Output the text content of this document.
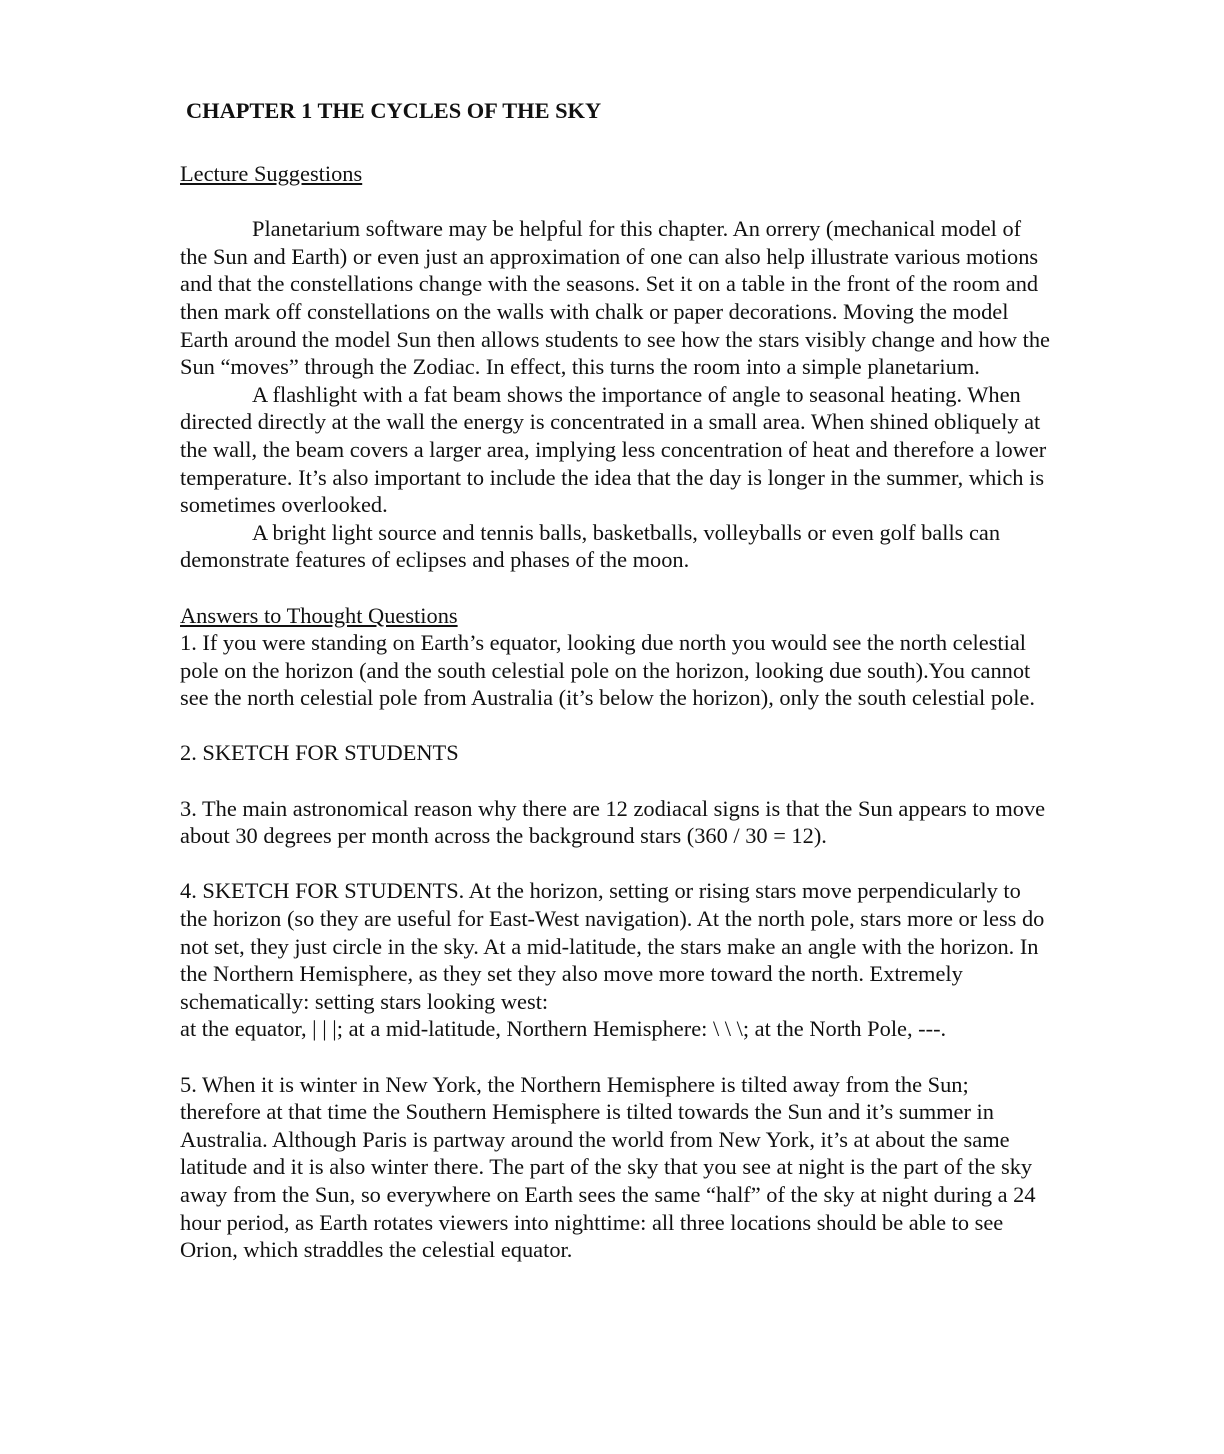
CHAPTER 1 THE CYCLES OF THE SKY

Lecture Suggestions

Planetarium software may be helpful for this chapter. An orrery (mechanical model of the Sun and Earth) or even just an approximation of one can also help illustrate various motions and that the constellations change with the seasons. Set it on a table in the front of the room and then mark off constellations on the walls with chalk or paper decorations. Moving the model Earth around the model Sun then allows students to see how the stars visibly change and how the Sun “moves” through the Zodiac. In effect, this turns the room into a simple planetarium.

A flashlight with a fat beam shows the importance of angle to seasonal heating. When directed directly at the wall the energy is concentrated in a small area. When shined obliquely at the wall, the beam covers a larger area, implying less concentration of heat and therefore a lower temperature. It’s also important to include the idea that the day is longer in the summer, which is sometimes overlooked.

A bright light source and tennis balls, basketballs, volleyballs or even golf balls can demonstrate features of eclipses and phases of the moon.

Answers to Thought Questions

1. If you were standing on Earth’s equator, looking due north you would see the north celestial pole on the horizon (and the south celestial pole on the horizon, looking due south).You cannot see the north celestial pole from Australia (it’s below the horizon), only the south celestial pole.

2. SKETCH FOR STUDENTS

3. The main astronomical reason why there are 12 zodiacal signs is that the Sun appears to move about 30 degrees per month across the background stars (360 / 30 = 12).

4. SKETCH FOR STUDENTS. At the horizon, setting or rising stars move perpendicularly to the horizon (so they are useful for East-West navigation). At the north pole, stars more or less do not set, they just circle in the sky. At a mid-latitude, the stars make an angle with the horizon. In the Northern Hemisphere, as they set they also move more toward the north. Extremely schematically: setting stars looking west:

at the equator, | | |; at a mid-latitude, Northern Hemisphere: \ \ \; at the North Pole, ---.

5. When it is winter in New York, the Northern Hemisphere is tilted away from the Sun; therefore at that time the Southern Hemisphere is tilted towards the Sun and it’s summer in Australia. Although Paris is partway around the world from New York, it’s at about the same latitude and it is also winter there. The part of the sky that you see at night is the part of the sky away from the Sun, so everywhere on Earth sees the same “half” of the sky at night during a 24 hour period, as Earth rotates viewers into nighttime: all three locations should be able to see Orion, which straddles the celestial equator.
